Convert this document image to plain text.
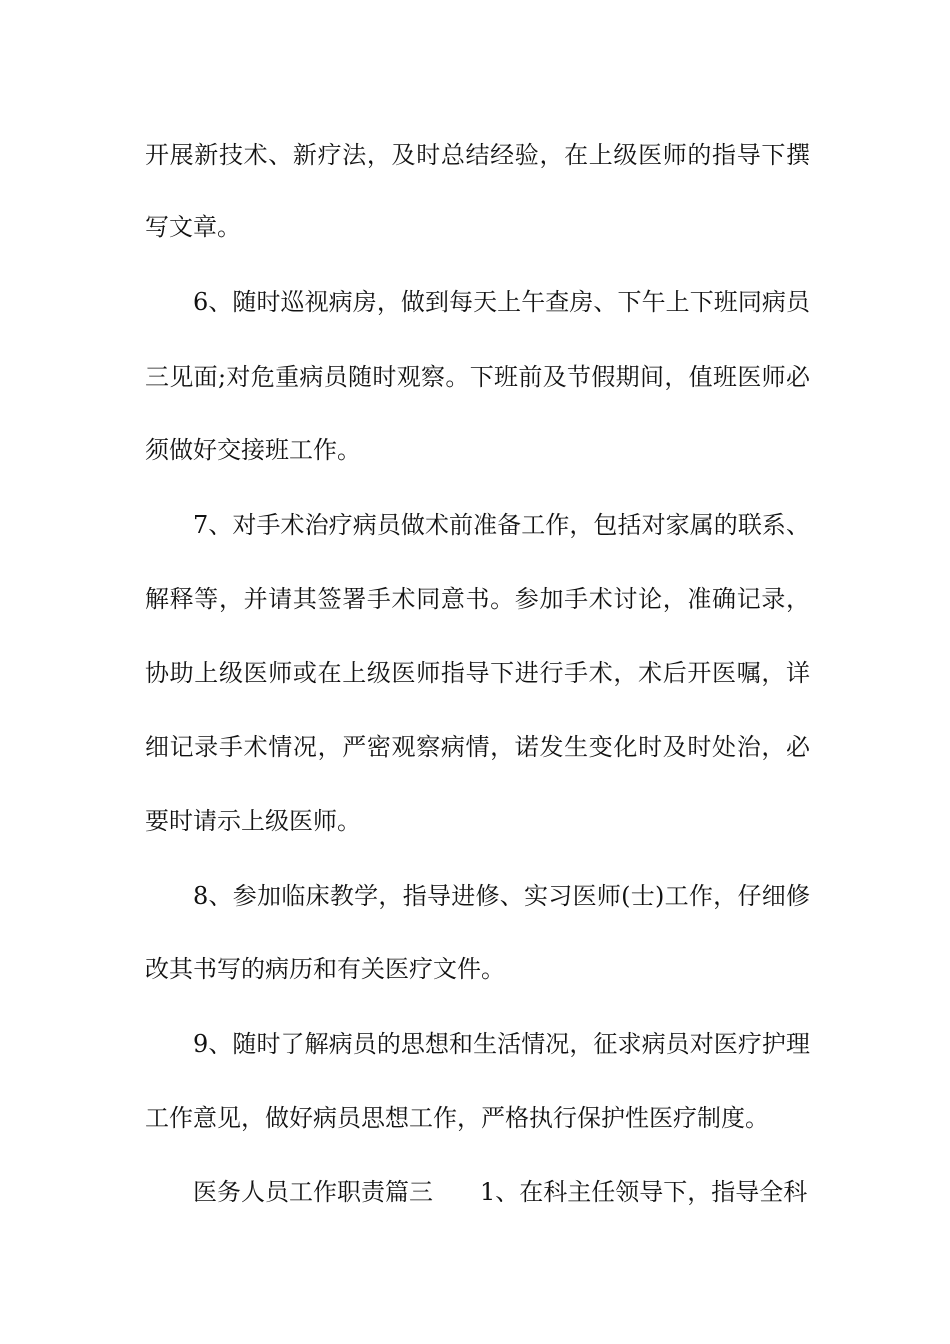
开展新技术、新疗法，及时总结经验，在上级医师的指导下撰
写文章。
6、随时巡视病房，做到每天上午查房、下午上下班同病员
三见面;对危重病员随时观察。下班前及节假期间，值班医师必
须做好交接班工作。
7、对手术治疗病员做术前准备工作，包括对家属的联系、
解释等，并请其签署手术同意书。参加手术讨论，准确记录，
协助上级医师或在上级医师指导下进行手术，术后开医嘱，详
细记录手术情况，严密观察病情，诺发生变化时及时处治，必
要时请示上级医师。
8、参加临床教学，指导进修、实习医师(士)工作，仔细修
改其书写的病历和有关医疗文件。
9、随时了解病员的思想和生活情况，征求病员对医疗护理
工作意见，做好病员思想工作，严格执行保护性医疗制度。
医务人员工作职责篇三 1、在科主任领导下，指导全科
